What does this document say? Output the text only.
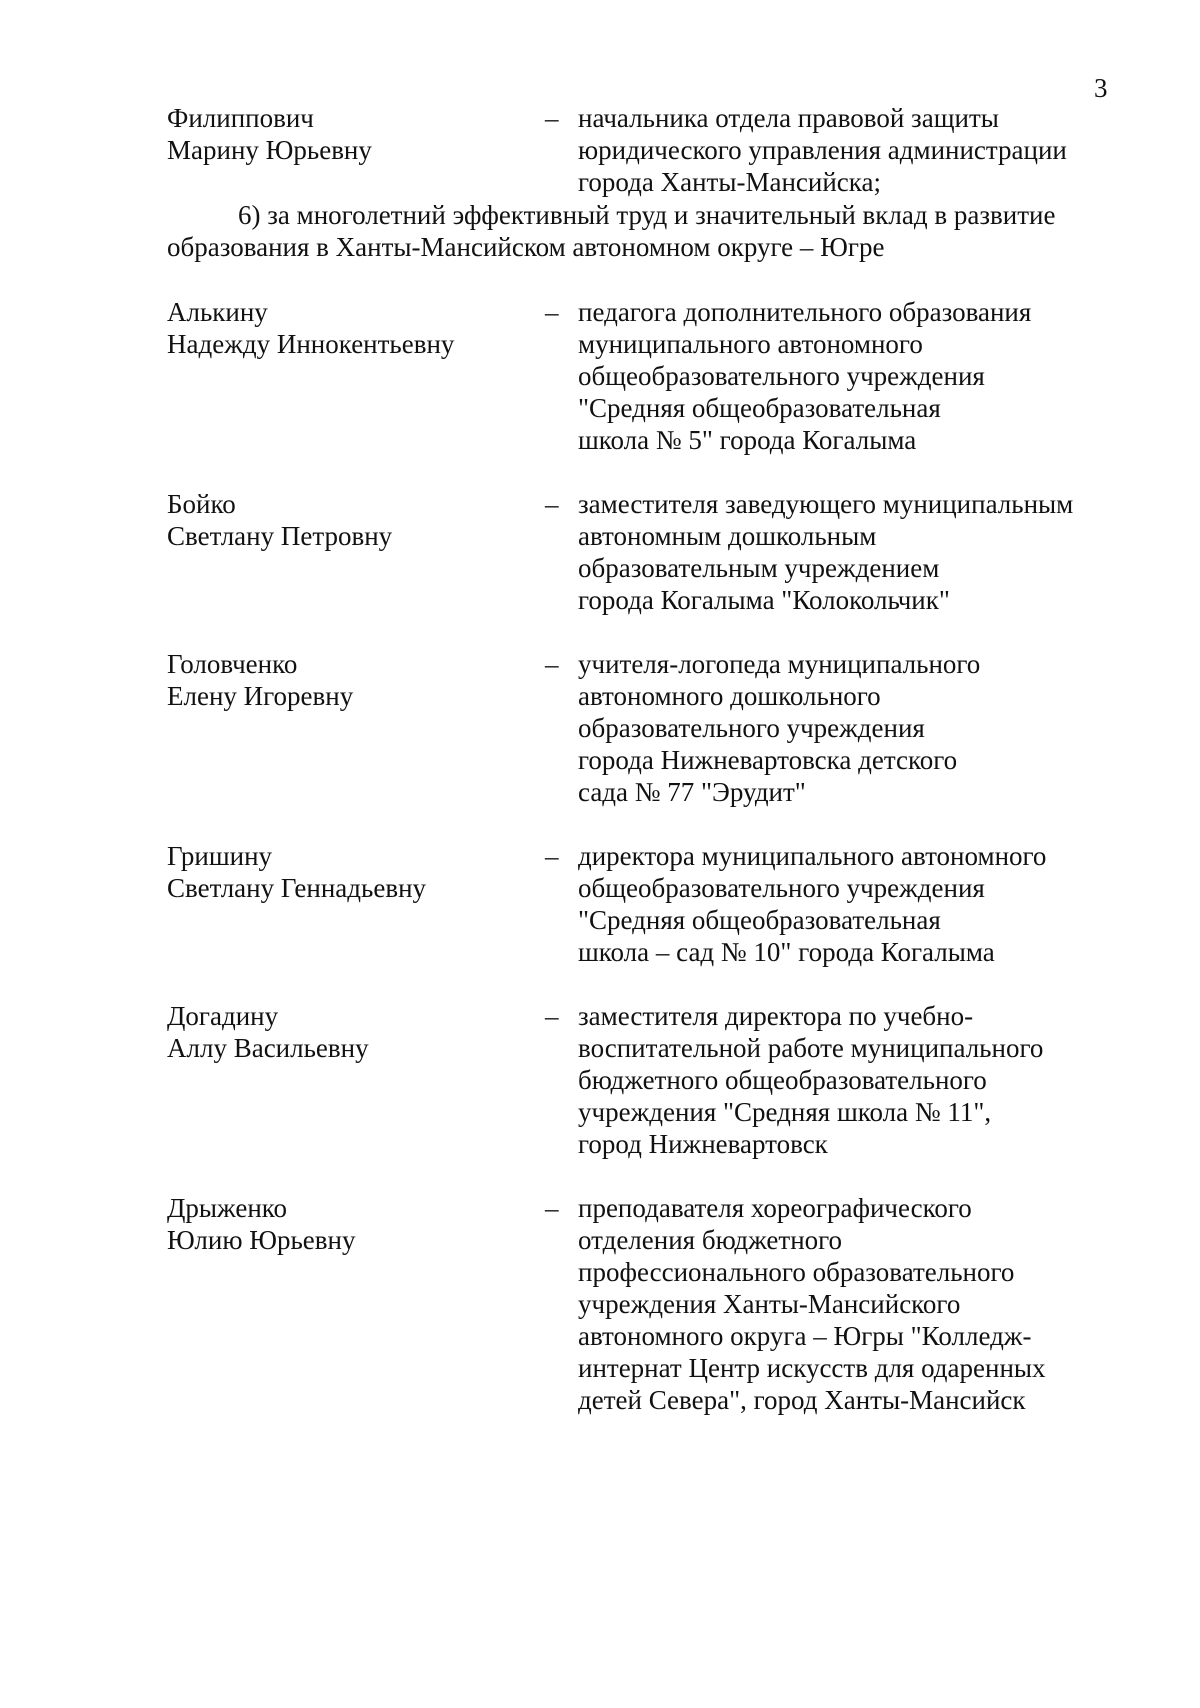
3
Филиппович
Марину Юрьевну
– начальника отдела правовой защиты
юридического управления администрации
города Ханты-Мансийска;
6) за многолетний эффективный труд и значительный вклад в развитие
образования в Ханты-Мансийском автономном округе – Югре
Алькину
Надежду Иннокентьевну
– педагога дополнительного образования
муниципального автономного
общеобразовательного учреждения
"Средняя общеобразовательная
школа № 5" города Когалыма
Бойко
Светлану Петровну
– заместителя заведующего муниципальным
автономным дошкольным
образовательным учреждением
города Когалыма "Колокольчик"
Головченко
Елену Игоревну
– учителя-логопеда муниципального
автономного дошкольного
образовательного учреждения
города Нижневартовска детского
сада № 77 "Эрудит"
Гришину
Светлану Геннадьевну
– директора муниципального автономного
общеобразовательного учреждения
"Средняя общеобразовательная
школа – сад № 10" города Когалыма
Догадину
Аллу Васильевну
– заместителя директора по учебно-
воспитательной работе муниципального
бюджетного общеобразовательного
учреждения "Средняя школа № 11",
город Нижневартовск
Дрыженко
Юлию Юрьевну
– преподавателя хореографического
отделения бюджетного
профессионального образовательного
учреждения Ханты-Мансийского
автономного округа – Югры "Колледж-
интернат Центр искусств для одаренных
детей Севера", город Ханты-Мансийск
